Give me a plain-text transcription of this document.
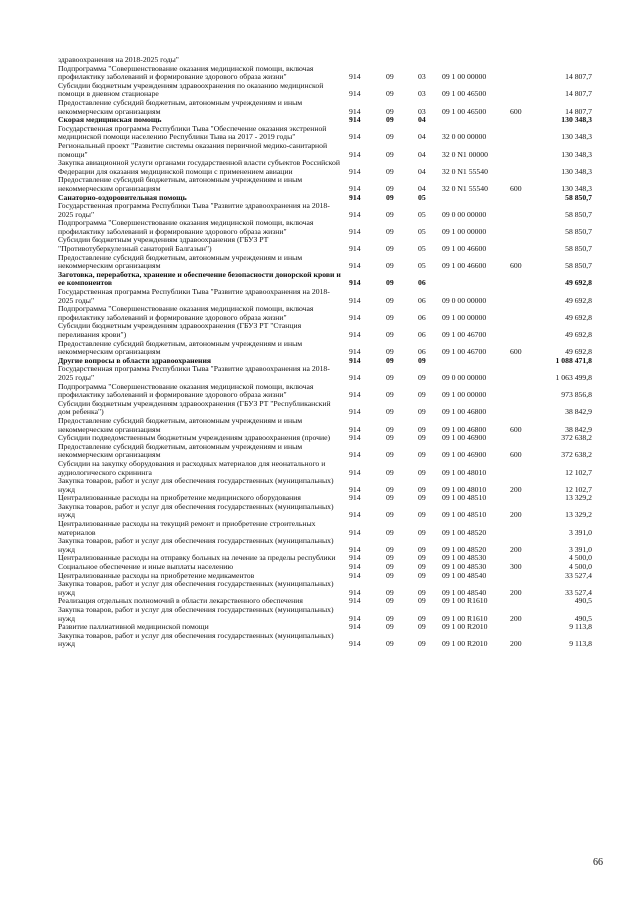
здравоохранения на 2018-2025 годы"						
Подпрограмма "Совершенствование оказания медицинской помощи, включая профилактику заболеваний и формирование здорового образа жизни"	914	09	03	09 1 00 00000		14 807,7
Субсидии бюджетным учреждениям здравоохранения по оказанию медицинской помощи в дневном стационаре	914	09	03	09 1 00 46500		14 807,7
Предоставление субсидий бюджетным, автономным учреждениям и иным некоммерческим организациям	914	09	03	09 1 00 46500	600	14 807,7
Скорая медицинская помощь	914	09	04			130 348,3
Государственная программа Республики Тыва "Обеспечение оказания экстренной медицинской помощи населению Республики Тыва на 2017 - 2019 годы"	914	09	04	32 0 00 00000		130 348,3
Региональный проект "Развитие системы оказания первичной медико-санитарной помощи"	914	09	04	32 0 N1 00000		130 348,3
Закупка авиационной услуги органами государственной власти субъектов Российской Федерации для оказания медицинской помощи с применением авиации	914	09	04	32 0 N1 55540		130 348,3
Предоставление субсидий бюджетным, автономным учреждениям и иным некоммерческим организациям	914	09	04	32 0 N1 55540	600	130 348,3
Санаторно-оздоровительная помощь	914	09	05			58 850,7
Государственная программа Республики Тыва "Развитие здравоохранения на 2018-2025 годы"	914	09	05	09 0 00 00000		58 850,7
Подпрограмма "Совершенствование оказания медицинской помощи, включая профилактику заболеваний и формирование здорового образа жизни"	914	09	05	09 1 00 00000		58 850,7
Субсидии бюджетным учреждениям здравоохранения (ГБУЗ РТ "Противотуберкулезный санаторий Балгазын")	914	09	05	09 1 00 46600		58 850,7
Предоставление субсидий бюджетным, автономным учреждениям и иным некоммерческим организациям	914	09	05	09 1 00 46600	600	58 850,7
Заготовка, переработка, хранение и обеспечение безопасности донорской крови и ее компонентов	914	09	06			49 692,8
Государственная программа Республики Тыва "Развитие здравоохранения на 2018-2025 годы"	914	09	06	09 0 00 00000		49 692,8
Подпрограмма "Совершенствование оказания медицинской помощи, включая профилактику заболеваний и формирование здорового образа жизни"	914	09	06	09 1 00 00000		49 692,8
Субсидии бюджетным учреждениям здравоохранения (ГБУЗ РТ "Станция переливания крови")	914	09	06	09 1 00 46700		49 692,8
Предоставление субсидий бюджетным, автономным учреждениям и иным некоммерческим организациям	914	09	06	09 1 00 46700	600	49 692,8
Другие вопросы в области здравоохранения	914	09	09			1 088 471,8
Государственная программа Республики Тыва "Развитие здравоохранения на 2018-2025 годы"	914	09	09	09 0 00 00000		1 063 499,8
Подпрограмма "Совершенствование оказания медицинской помощи, включая профилактику заболеваний и формирование здорового образа жизни"	914	09	09	09 1 00 00000		973 856,8
Субсидии бюджетным учреждениям здравоохранения (ГБУЗ РТ "Республиканский дом ребенка")	914	09	09	09 1 00 46800		38 842,9
Предоставление субсидий бюджетным, автономным учреждениям и иным некоммерческим организациям	914	09	09	09 1 00 46800	600	38 842,9
Субсидии подведомственным бюджетным учреждениям здравоохранения (прочие)	914	09	09	09 1 00 46900		372 638,2
Предоставление субсидий бюджетным, автономным учреждениям и иным некоммерческим организациям	914	09	09	09 1 00 46900	600	372 638,2
Субсидии на закупку оборудования и расходных материалов для неонатального и аудиологического скрининга	914	09	09	09 1 00 48010		12 102,7
Закупка товаров, работ и услуг для обеспечения государственных (муниципальных) нужд	914	09	09	09 1 00 48010	200	12 102,7
Централизованные расходы на приобретение медицинского оборудования	914	09	09	09 1 00 48510		13 329,2
Закупка товаров, работ и услуг для обеспечения государственных (муниципальных) нужд	914	09	09	09 1 00 48510	200	13 329,2
Централизованные расходы на текущий ремонт и приобретение строительных материалов	914	09	09	09 1 00 48520		3 391,0
Закупка товаров, работ и услуг для обеспечения государственных (муниципальных) нужд	914	09	09	09 1 00 48520	200	3 391,0
Централизованные расходы на отправку больных на лечение за пределы республики	914	09	09	09 1 00 48530		4 500,0
Социальное обеспечение и иные выплаты населению	914	09	09	09 1 00 48530	300	4 500,0
Централизованные расходы на приобретение медикаментов	914	09	09	09 1 00 48540		33 527,4
Закупка товаров, работ и услуг для обеспечения государственных (муниципальных) нужд	914	09	09	09 1 00 48540	200	33 527,4
Реализация отдельных полномочий в области лекарственного обеспечения	914	09	09	09 1 00 R1610		490,5
Закупка товаров, работ и услуг для обеспечения государственных (муниципальных) нужд	914	09	09	09 1 00 R1610	200	490,5
Развитие паллиативной медицинской помощи	914	09	09	09 1 00 R2010		9 113,8
Закупка товаров, работ и услуг для обеспечения государственных (муниципальных) нужд	914	09	09	09 1 00 R2010	200	9 113,8
66
